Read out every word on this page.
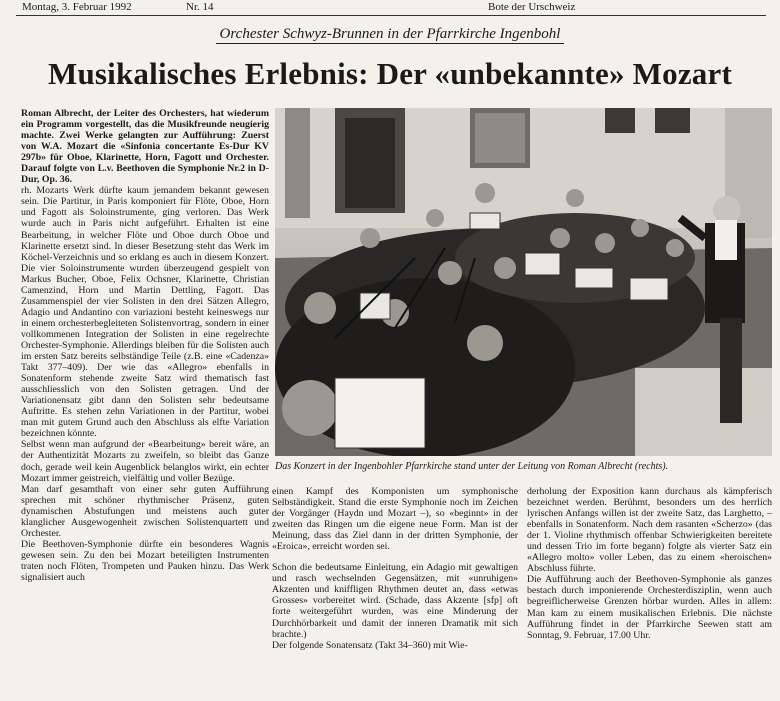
Montag, 3. Februar 1992	Nr. 14	Bote der Urschweiz
Orchester Schwyz-Brunnen in der Pfarrkirche Ingenbohl
Musikalisches Erlebnis: Der «unbekannte» Mozart

Roman Albrecht, der Leiter des Orchesters, hat wiederum ein Programm vorgestellt, das die Musikfreunde neugierig machte. Zwei Werke gelangten zur Aufführung: Zuerst von W.A. Mozart die «Sinfonia concertante Es-Dur KV 297b» für Oboe, Klarinette, Horn, Fagott und Orchester. Darauf folgte von L.v. Beethoven die Symphonie Nr.2 in D-Dur, Op. 36.

rh. Mozarts Werk dürfte kaum jemandem bekannt gewesen sein. Die Partitur, in Paris komponiert für Flöte, Oboe, Horn und Fagott als Soloinstrumente, ging verloren. Das Werk wurde auch in Paris nicht aufgeführt. Erhalten ist eine Bearbeitung, in welcher Flöte und Oboe durch Oboe und Klarinette ersetzt sind. In dieser Besetzung steht das Werk im Köchel-Verzeichnis und so erklang es auch in diesem Konzert. Die vier Soloinstrumente wurden überzeugend gespielt von Markus Bucher, Oboe, Felix Ochsner, Klarinette, Christian Camenzind, Horn und Martin Dettling, Fagott. Das Zusammenspiel der vier Solisten in den drei Sätzen Allegro, Adagio und Andantino con variazioni besteht keineswegs nur in einem orchesterbegleiteten Solistenvortrag, sondern in einer vollkommenen Integration der Solisten in eine regelrechte Orchester-Symphonie. Allerdings bleiben für die Solisten auch im ersten Satz bereits selbständige Teile (z.B. eine «Cadenza» Takt 377–409). Der wie das «Allegro» ebenfalls in Sonatenform stehende zweite Satz wird thematisch fast ausschliesslich von den Solisten getragen. Und der Variationensatz gibt dann den Solisten sehr bedeutsame Auftritte. Es stehen zehn Variationen in der Partitur, wobei man mit gutem Grund auch den Abschluss als elfte Variation bezeichnen könnte.

Selbst wenn man aufgrund der «Bearbeitung» bereit wäre, an der Authentizität Mozarts zu zweifeln, so bleibt das Ganze doch, gerade weil kein Augenblick belanglos wirkt, ein echter Mozart immer geistreich, vielfältig und voller Bezüge.

Man darf gesamthaft von einer sehr guten Aufführung sprechen mit schöner rhythmischer Präsenz, guten dynamischen Abstufungen und meistens auch guter klanglicher Ausgewogenheit zwischen Solistenquartett und Orchester.

Die Beethoven-Symphonie dürfte ein besonderes Wagnis gewesen sein. Zu den bei Mozart beteiligten Instrumenten traten noch Flöten, Trompeten und Pauken hinzu. Das Werk signalisiert auch

Das Konzert in der Ingenbohler Pfarrkirche stand unter der Leitung von Roman Albrecht (rechts).

einen Kampf des Komponisten um symphonische Selbständigkeit. Stand die erste Symphonie noch im Zeichen der Vorgänger (Haydn und Mozart –), so «beginnt» in der zweiten das Ringen um die eigene neue Form. Man ist der Meinung, dass das Ziel dann in der dritten Symphonie, der «Eroica», erreicht worden sei.

Schon die bedeutsame Einleitung, ein Adagio mit gewaltigen und rasch wechselnden Gegensätzen, mit «unruhigen» Akzenten und kniffligen Rhythmen deutet an, dass «etwas Grosses» vorbereitet wird. (Schade, dass Akzente [sfp] oft forte weitergeführt wurden, was eine Minderung der Durchhörbarkeit und damit der inneren Dramatik mit sich brachte.)

Der folgende Sonatensatz (Takt 34–360) mit Wie-

derholung der Exposition kann durchaus als kämpferisch bezeichnet werden. Berühmt, besonders um des herrlich lyrischen Anfangs willen ist der zweite Satz, das Larghetto, – ebenfalls in Sonatenform. Nach dem rasanten «Scherzo» (das der 1. Violine rhythmisch offenbar Schwierigkeiten bereitete und dessen Trio im forte begann) folgte als vierter Satz ein «Allegro molto» voller Leben, das zu einem «heroischen» Abschluss führte.

Die Aufführung auch der Beethoven-Symphonie als ganzes bestach durch imponierende Orchesterdisziplin, wenn auch begreiflicherweise Grenzen hörbar wurden. Alles in allem: Man kam zu einem musikalischen Erlebnis. Die nächste Aufführung findet in der Pfarrkirche Seewen statt am Sonntag, 9. Februar, 17.00 Uhr.
